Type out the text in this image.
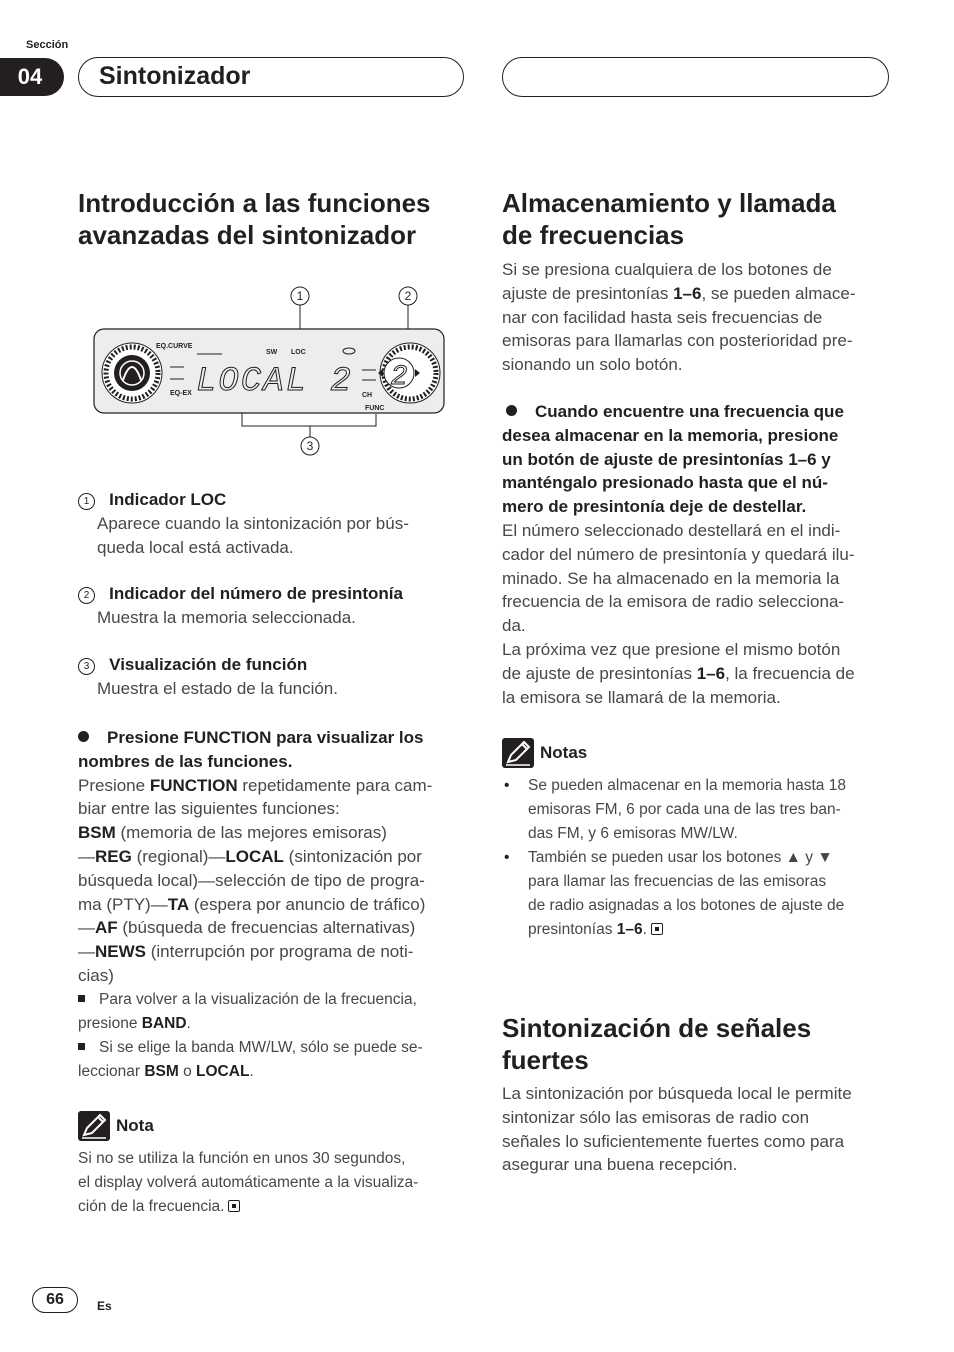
Sección
04	Sintonizador
Introducción a las funciones avanzadas del sintonizador
1	2
3
EQ.CURVE
EQ-EX
SW LOC
CH
FUNC
LOCAL 2 2

1 Indicador LOC

Aparece cuando la sintonización por bús-

queda local está activada.

2 Indicador del número de presintonía

Muestra la memoria seleccionada.

3 Visualización de función

Muestra el estado de la función.

Presione FUNCTION para visualizar los

nombres de las funciones.

Presione FUNCTION repetidamente para cam-

biar entre las siguientes funciones:

BSM (memoria de las mejores emisoras)

—REG (regional)—LOCAL (sintonización por

búsqueda local)—selección de tipo de progra-

ma (PTY)—TA (espera por anuncio de tráfico)

—AF (búsqueda de frecuencias alternativas)

—NEWS (interrupción por programa de noti-

cias)

Para volver a la visualización de la frecuencia,

presione BAND.

Si se elige la banda MW/LW, sólo se puede se-

leccionar BSM o LOCAL.

Nota

Si no se utiliza la función en unos 30 segundos,

el display volverá automáticamente a la visualiza-

ción de la frecuencia.

Almacenamiento y llamada
de frecuencias

Si se presiona cualquiera de los botones de

ajuste de presintonías 1–6, se pueden almace-

nar con facilidad hasta seis frecuencias de

emisoras para llamarlas con posterioridad pre-

sionando un solo botón.

Cuando encuentre una frecuencia que

desea almacenar en la memoria, presione

un botón de ajuste de presintonías 1–6 y

manténgalo presionado hasta que el nú-

mero de presintonía deje de destellar.

El número seleccionado destellará en el indi-

cador del número de presintonía y quedará ilu-

minado. Se ha almacenado en la memoria la

frecuencia de la emisora de radio selecciona-

da.

La próxima vez que presione el mismo botón

de ajuste de presintonías 1–6, la frecuencia de

la emisora se llamará de la memoria.

Notas
• Se pueden almacenar en la memoria hasta 18
emisoras FM, 6 por cada una de las tres ban-
das FM, y 6 emisoras MW/LW.
• También se pueden usar los botones ▲ y ▼
para llamar las frecuencias de las emisoras
de radio asignadas a los botones de ajuste de
presintonías 1–6.
Sintonización de señales
fuertes

La sintonización por búsqueda local le permite

sintonizar sólo las emisoras de radio con

señales lo suficientemente fuertes como para

asegurar una buena recepción.

66	Es
